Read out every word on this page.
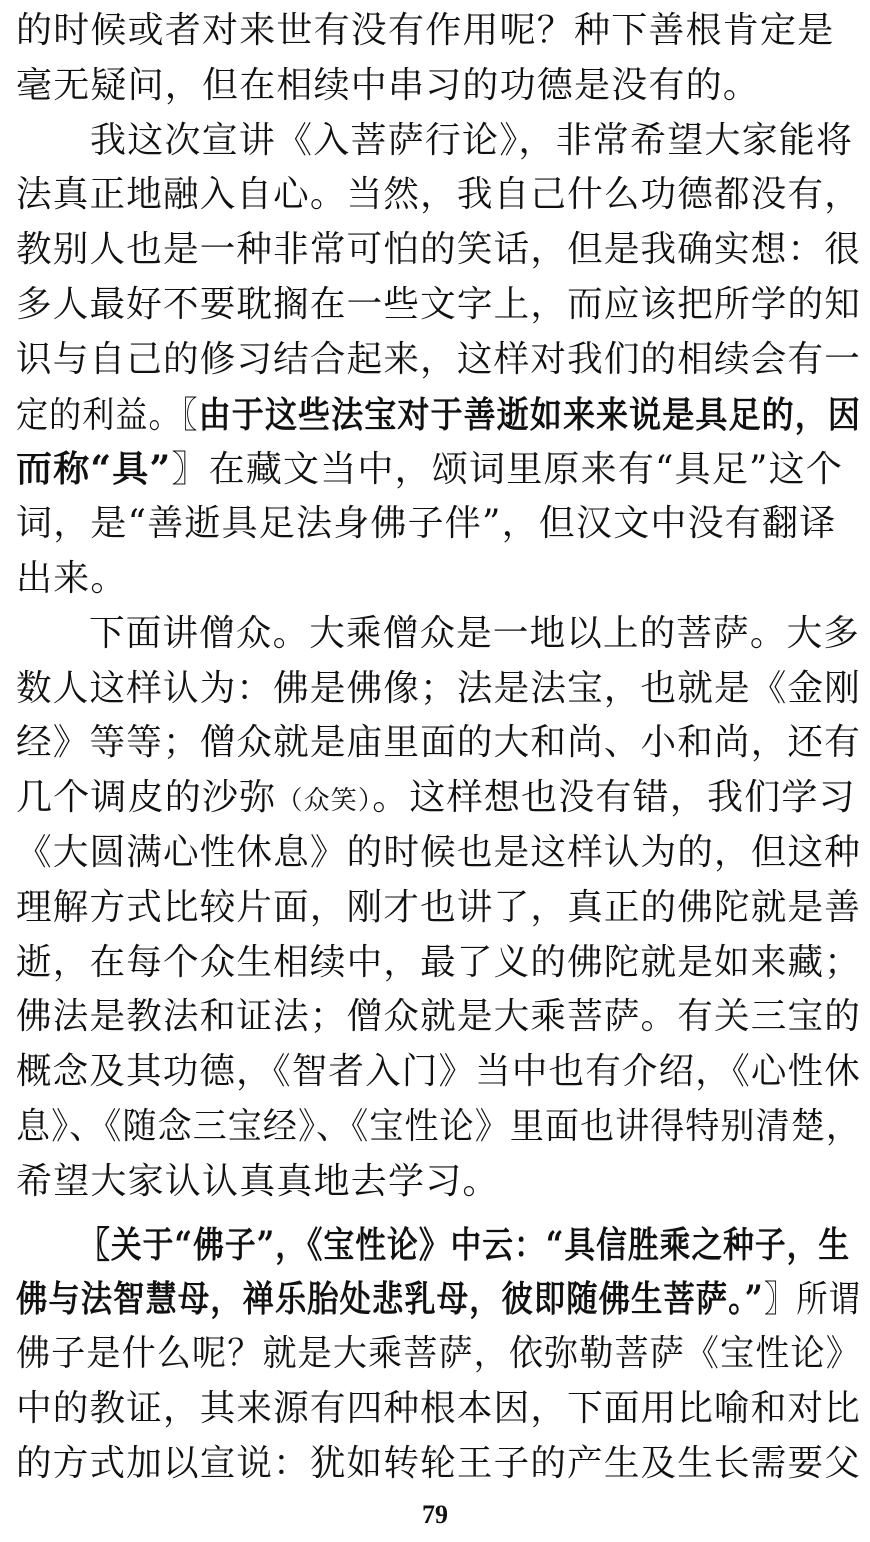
的时候或者对来世有没有作用呢？种下善根肯定是
毫无疑问，但在相续中串习的功德是没有的。
我这次宣讲《入菩萨行论》，非常希望大家能将
法真正地融入自心。当然，我自己什么功德都没有，
教别人也是一种非常可怕的笑话，但是我确实想：很
多人最好不要耽搁在一些文字上，而应该把所学的知
识与自己的修习结合起来，这样对我们的相续会有一
定的利益。〖由于这些法宝对于善逝如来来说是具足的，因
而称“具”〗在藏文当中，颂词里原来有“具足”这个
词，是“善逝具足法身佛子伴”，但汉文中没有翻译
出来。
下面讲僧众。大乘僧众是一地以上的菩萨。大多
数人这样认为：佛是佛像；法是法宝，也就是《金刚
经》等等；僧众就是庙里面的大和尚、小和尚，还有
几个调皮的沙弥（众笑）。这样想也没有错，我们学习
《大圆满心性休息》的时候也是这样认为的，但这种
理解方式比较片面，刚才也讲了，真正的佛陀就是善
逝，在每个众生相续中，最了义的佛陀就是如来藏；
佛法是教法和证法；僧众就是大乘菩萨。有关三宝的
概念及其功德，《智者入门》当中也有介绍，《心性休
息》、《随念三宝经》、《宝性论》里面也讲得特别清楚，
希望大家认认真真地去学习。
〖关于“佛子”，《宝性论》中云：“具信胜乘之种子，生
佛与法智慧母，禅乐胎处悲乳母，彼即随佛生菩萨。”〗所谓
佛子是什么呢？就是大乘菩萨，依弥勒菩萨《宝性论》
中的教证，其来源有四种根本因，下面用比喻和对比
的方式加以宣说：犹如转轮王子的产生及生长需要父
79
